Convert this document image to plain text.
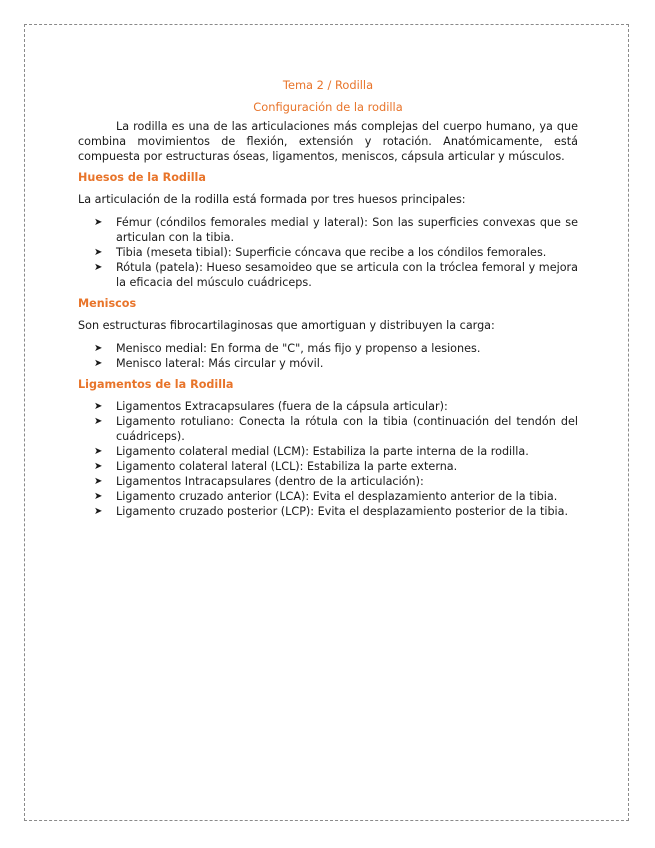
Tema 2 / Rodilla

Configuración de la rodilla

La rodilla es una de las articulaciones más complejas del cuerpo humano, ya que combina movimientos de flexión, extensión y rotación. Anatómicamente, está compuesta por estructuras óseas, ligamentos, meniscos, cápsula articular y músculos.

Huesos de la Rodilla

La articulación de la rodilla está formada por tres huesos principales:

➤ Fémur (cóndilos femorales medial y lateral): Son las superficies convexas que se articulan con la tibia.
➤ Tibia (meseta tibial): Superficie cóncava que recibe a los cóndilos femorales.
➤ Rótula (patela): Hueso sesamoideo que se articula con la tróclea femoral y mejora la eficacia del músculo cuádriceps.
Meniscos

Son estructuras fibrocartilaginosas que amortiguan y distribuyen la carga:

➤ Menisco medial: En forma de "C", más fijo y propenso a lesiones.
➤ Menisco lateral: Más circular y móvil.
Ligamentos de la Rodilla
➤ Ligamentos Extracapsulares (fuera de la cápsula articular):
➤ Ligamento rotuliano: Conecta la rótula con la tibia (continuación del tendón del cuádriceps).
➤ Ligamento colateral medial (LCM): Estabiliza la parte interna de la rodilla.
➤ Ligamento colateral lateral (LCL): Estabiliza la parte externa.
➤ Ligamentos Intracapsulares (dentro de la articulación):
➤ Ligamento cruzado anterior (LCA): Evita el desplazamiento anterior de la tibia.
➤ Ligamento cruzado posterior (LCP): Evita el desplazamiento posterior de la tibia.
